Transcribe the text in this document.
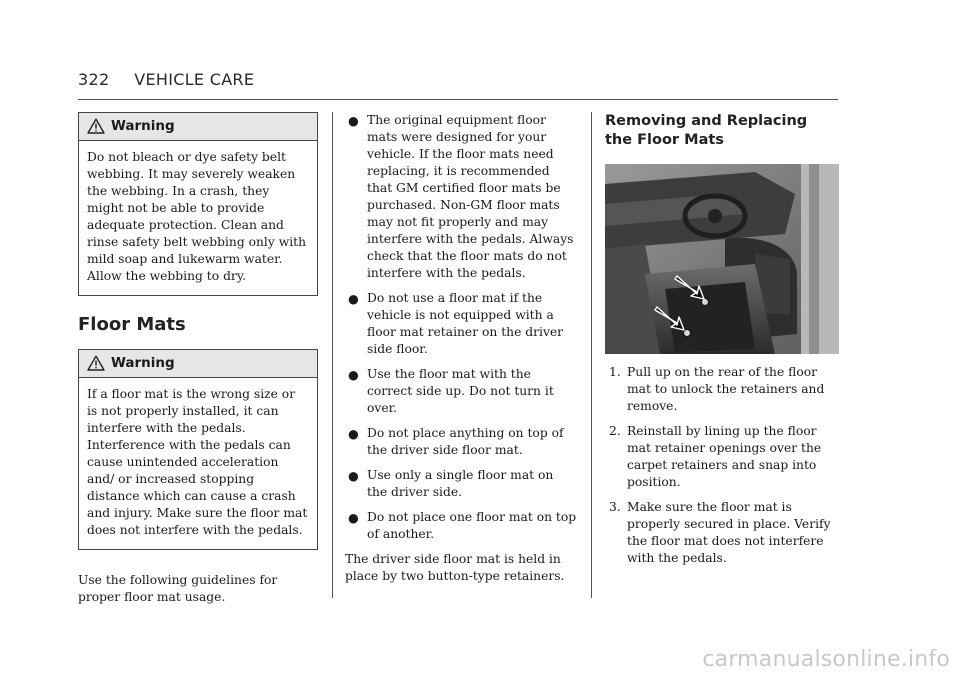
322 VEHICLE CARE
Warning
Do not bleach or dye safety belt webbing. It may severely weaken the webbing. In a crash, they might not be able to provide adequate protection. Clean and rinse safety belt webbing only with mild soap and lukewarm water. Allow the webbing to dry.
Floor Mats
Warning
If a floor mat is the wrong size or is not properly installed, it can interfere with the pedals. Interference with the pedals can cause unintended acceleration and/ or increased stopping distance which can cause a crash and injury. Make sure the floor mat does not interfere with the pedals.

Use the following guidelines for proper floor mat usage.

● The original equipment floor mats were designed for your vehicle. If the floor mats need replacing, it is recommended that GM certified floor mats be purchased. Non-GM floor mats may not fit properly and may interfere with the pedals. Always check that the floor mats do not interfere with the pedals.
● Do not use a floor mat if the vehicle is not equipped with a floor mat retainer on the driver side floor.
● Use the floor mat with the correct side up. Do not turn it over.
● Do not place anything on top of the driver side floor mat.
● Use only a single floor mat on the driver side.
● Do not place one floor mat on top of another.

The driver side floor mat is held in place by two button-type retainers.

Removing and Replacing the Floor Mats
1. Pull up on the rear of the floor mat to unlock the retainers and remove.
2. Reinstall by lining up the floor mat retainer openings over the carpet retainers and snap into position.
3. Make sure the floor mat is properly secured in place. Verify the floor mat does not interfere with the pedals.
carmanualsonline.info
